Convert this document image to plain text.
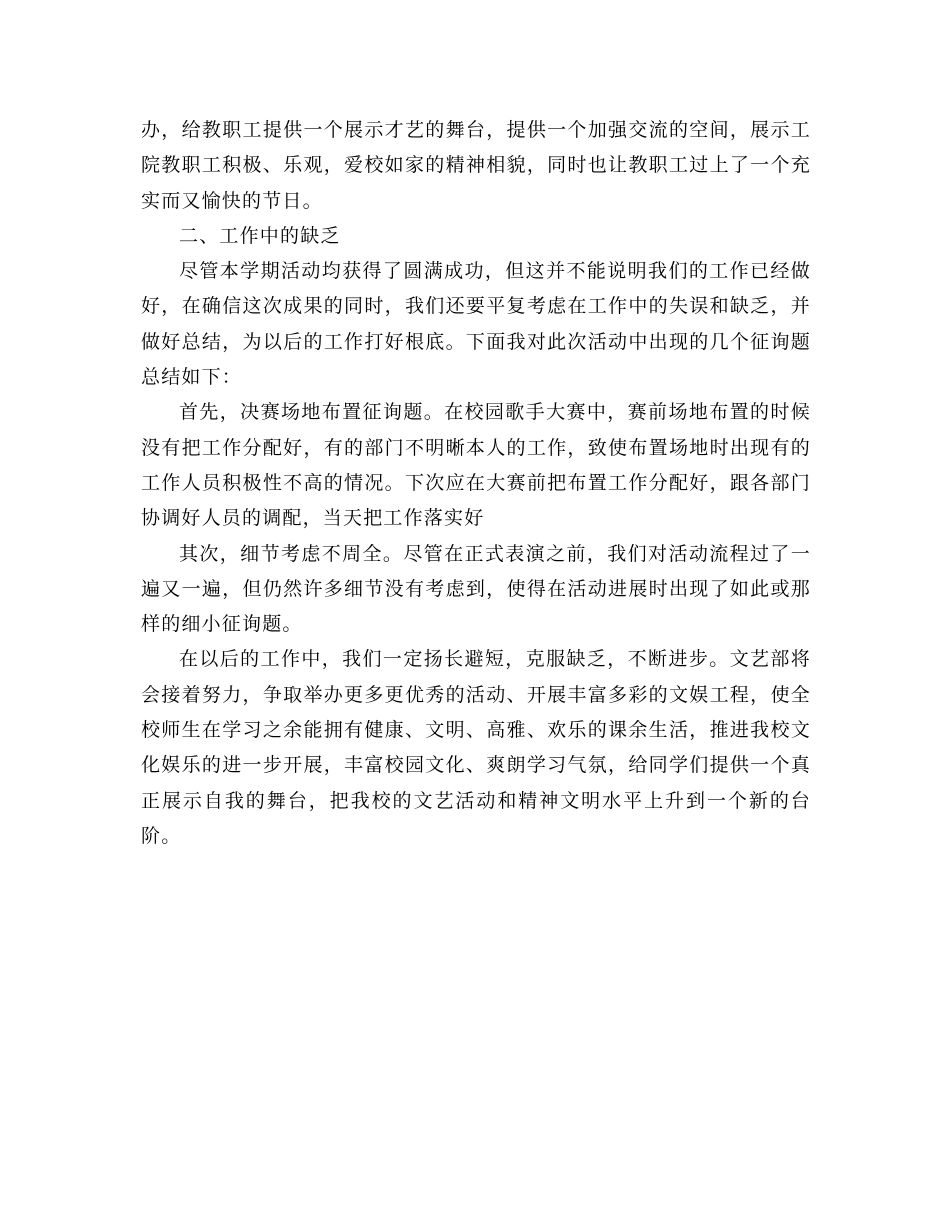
办，给教职工提供一个展示才艺的舞台，提供一个加强交流的空间，展示工院教职工积极、乐观，爱校如家的精神相貌，同时也让教职工过上了一个充实而又愉快的节日。

二、工作中的缺乏

尽管本学期活动均获得了圆满成功，但这并不能说明我们的工作已经做好，在确信这次成果的同时，我们还要平复考虑在工作中的失误和缺乏，并做好总结，为以后的工作打好根底。下面我对此次活动中出现的几个征询题总结如下：

首先，决赛场地布置征询题。在校园歌手大赛中，赛前场地布置的时候没有把工作分配好，有的部门不明晰本人的工作，致使布置场地时出现有的工作人员积极性不高的情况。下次应在大赛前把布置工作分配好，跟各部门协调好人员的调配，当天把工作落实好

其次，细节考虑不周全。尽管在正式表演之前，我们对活动流程过了一遍又一遍，但仍然许多细节没有考虑到，使得在活动进展时出现了如此或那样的细小征询题。

在以后的工作中，我们一定扬长避短，克服缺乏，不断进步。文艺部将会接着努力，争取举办更多更优秀的活动、开展丰富多彩的文娱工程，使全校师生在学习之余能拥有健康、文明、高雅、欢乐的课余生活，推进我校文化娱乐的进一步开展，丰富校园文化、爽朗学习气氛，给同学们提供一个真正展示自我的舞台，把我校的文艺活动和精神文明水平上升到一个新的台阶。
